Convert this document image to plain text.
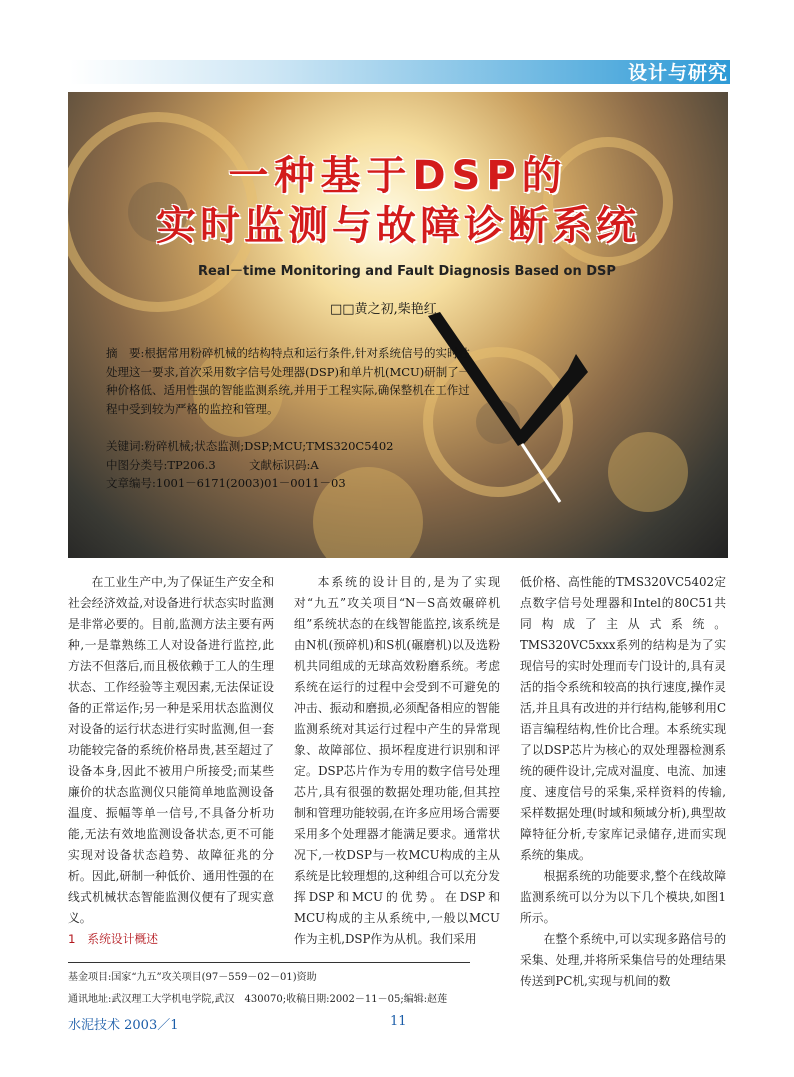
设计与研究
一种基于DSP的
实时监测与故障诊断系统
Real－time Monitoring and Fault Diagnosis Based on DSP
□□黄之初,柴艳红
摘　要:根据常用粉碎机械的结构特点和运行条件,针对系统信号的实时性处理这一要求,首次采用数字信号处理器(DSP)和单片机(MCU)研制了一种价格低、适用性强的智能监测系统,并用于工程实际,确保整机在工作过程中受到较为严格的监控和管理。
关键词:粉碎机械;状态监测;DSP;MCU;TMS320C5402
中图分类号:TP206.3	文献标识码:A
文章编号:1001－6171(2003)01－0011－03

在工业生产中,为了保证生产安全和社会经济效益,对设备进行状态实时监测是非常必要的。目前,监测方法主要有两种,一是靠熟练工人对设备进行监控,此方法不但落后,而且极依赖于工人的生理状态、工作经验等主观因素,无法保证设备的正常运作;另一种是采用状态监测仪对设备的运行状态进行实时监测,但一套功能较完备的系统价格昂贵,甚至超过了设备本身,因此不被用户所接受;而某些廉价的状态监测仪只能简单地监测设备温度、振幅等单一信号,不具备分析功能,无法有效地监测设备状态,更不可能实现对设备状态趋势、故障征兆的分析。因此,研制一种低价、通用性强的在线式机械状态智能监测仪便有了现实意义。

1　系统设计概述

本系统的设计目的,是为了实现对“九五”攻关项目“N－S高效碾碎机组”系统状态的在线智能监控,该系统是由N机(预碎机)和S机(碾磨机)以及选粉机共同组成的无球高效粉磨系统。考虑系统在运行的过程中会受到不可避免的冲击、振动和磨损,必须配备相应的智能监测系统对其运行过程中产生的异常现象、故障部位、损坏程度进行识别和评定。DSP芯片作为专用的数字信号处理芯片,具有很强的数据处理功能,但其控制和管理功能较弱,在许多应用场合需要采用多个处理器才能满足要求。通常状况下,一枚DSP与一枚MCU构成的主从系统是比较理想的,这种组合可以充分发挥DSP和MCU的优势。在DSP和MCU构成的主从系统中,一般以MCU作为主机,DSP作为从机。我们采用

低价格、高性能的TMS320VC5402定点数字信号处理器和Intel的80C51共同构成了主从式系统。TMS320VC5xxx系列的结构是为了实现信号的实时处理而专门设计的,具有灵活的指令系统和较高的执行速度,操作灵活,并且具有改进的并行结构,能够利用C语言编程结构,性价比合理。本系统实现了以DSP芯片为核心的双处理器检测系统的硬件设计,完成对温度、电流、加速度、速度信号的采集,采样资料的传输,采样数据处理(时域和频域分析),典型故障特征分析,专家库记录储存,进而实现系统的集成。

根据系统的功能要求,整个在线故障监测系统可以分为以下几个模块,如图1所示。

在整个系统中,可以实现多路信号的采集、处理,并将所采集信号的处理结果传送到PC机,实现与机间的数

基金项目:国家“九五”攻关项目(97－559－02－01)资助
通讯地址:武汉理工大学机电学院,武汉　430070;收稿日期:2002－11－05;编辑:赵莲
水泥技术 2003／1	11
